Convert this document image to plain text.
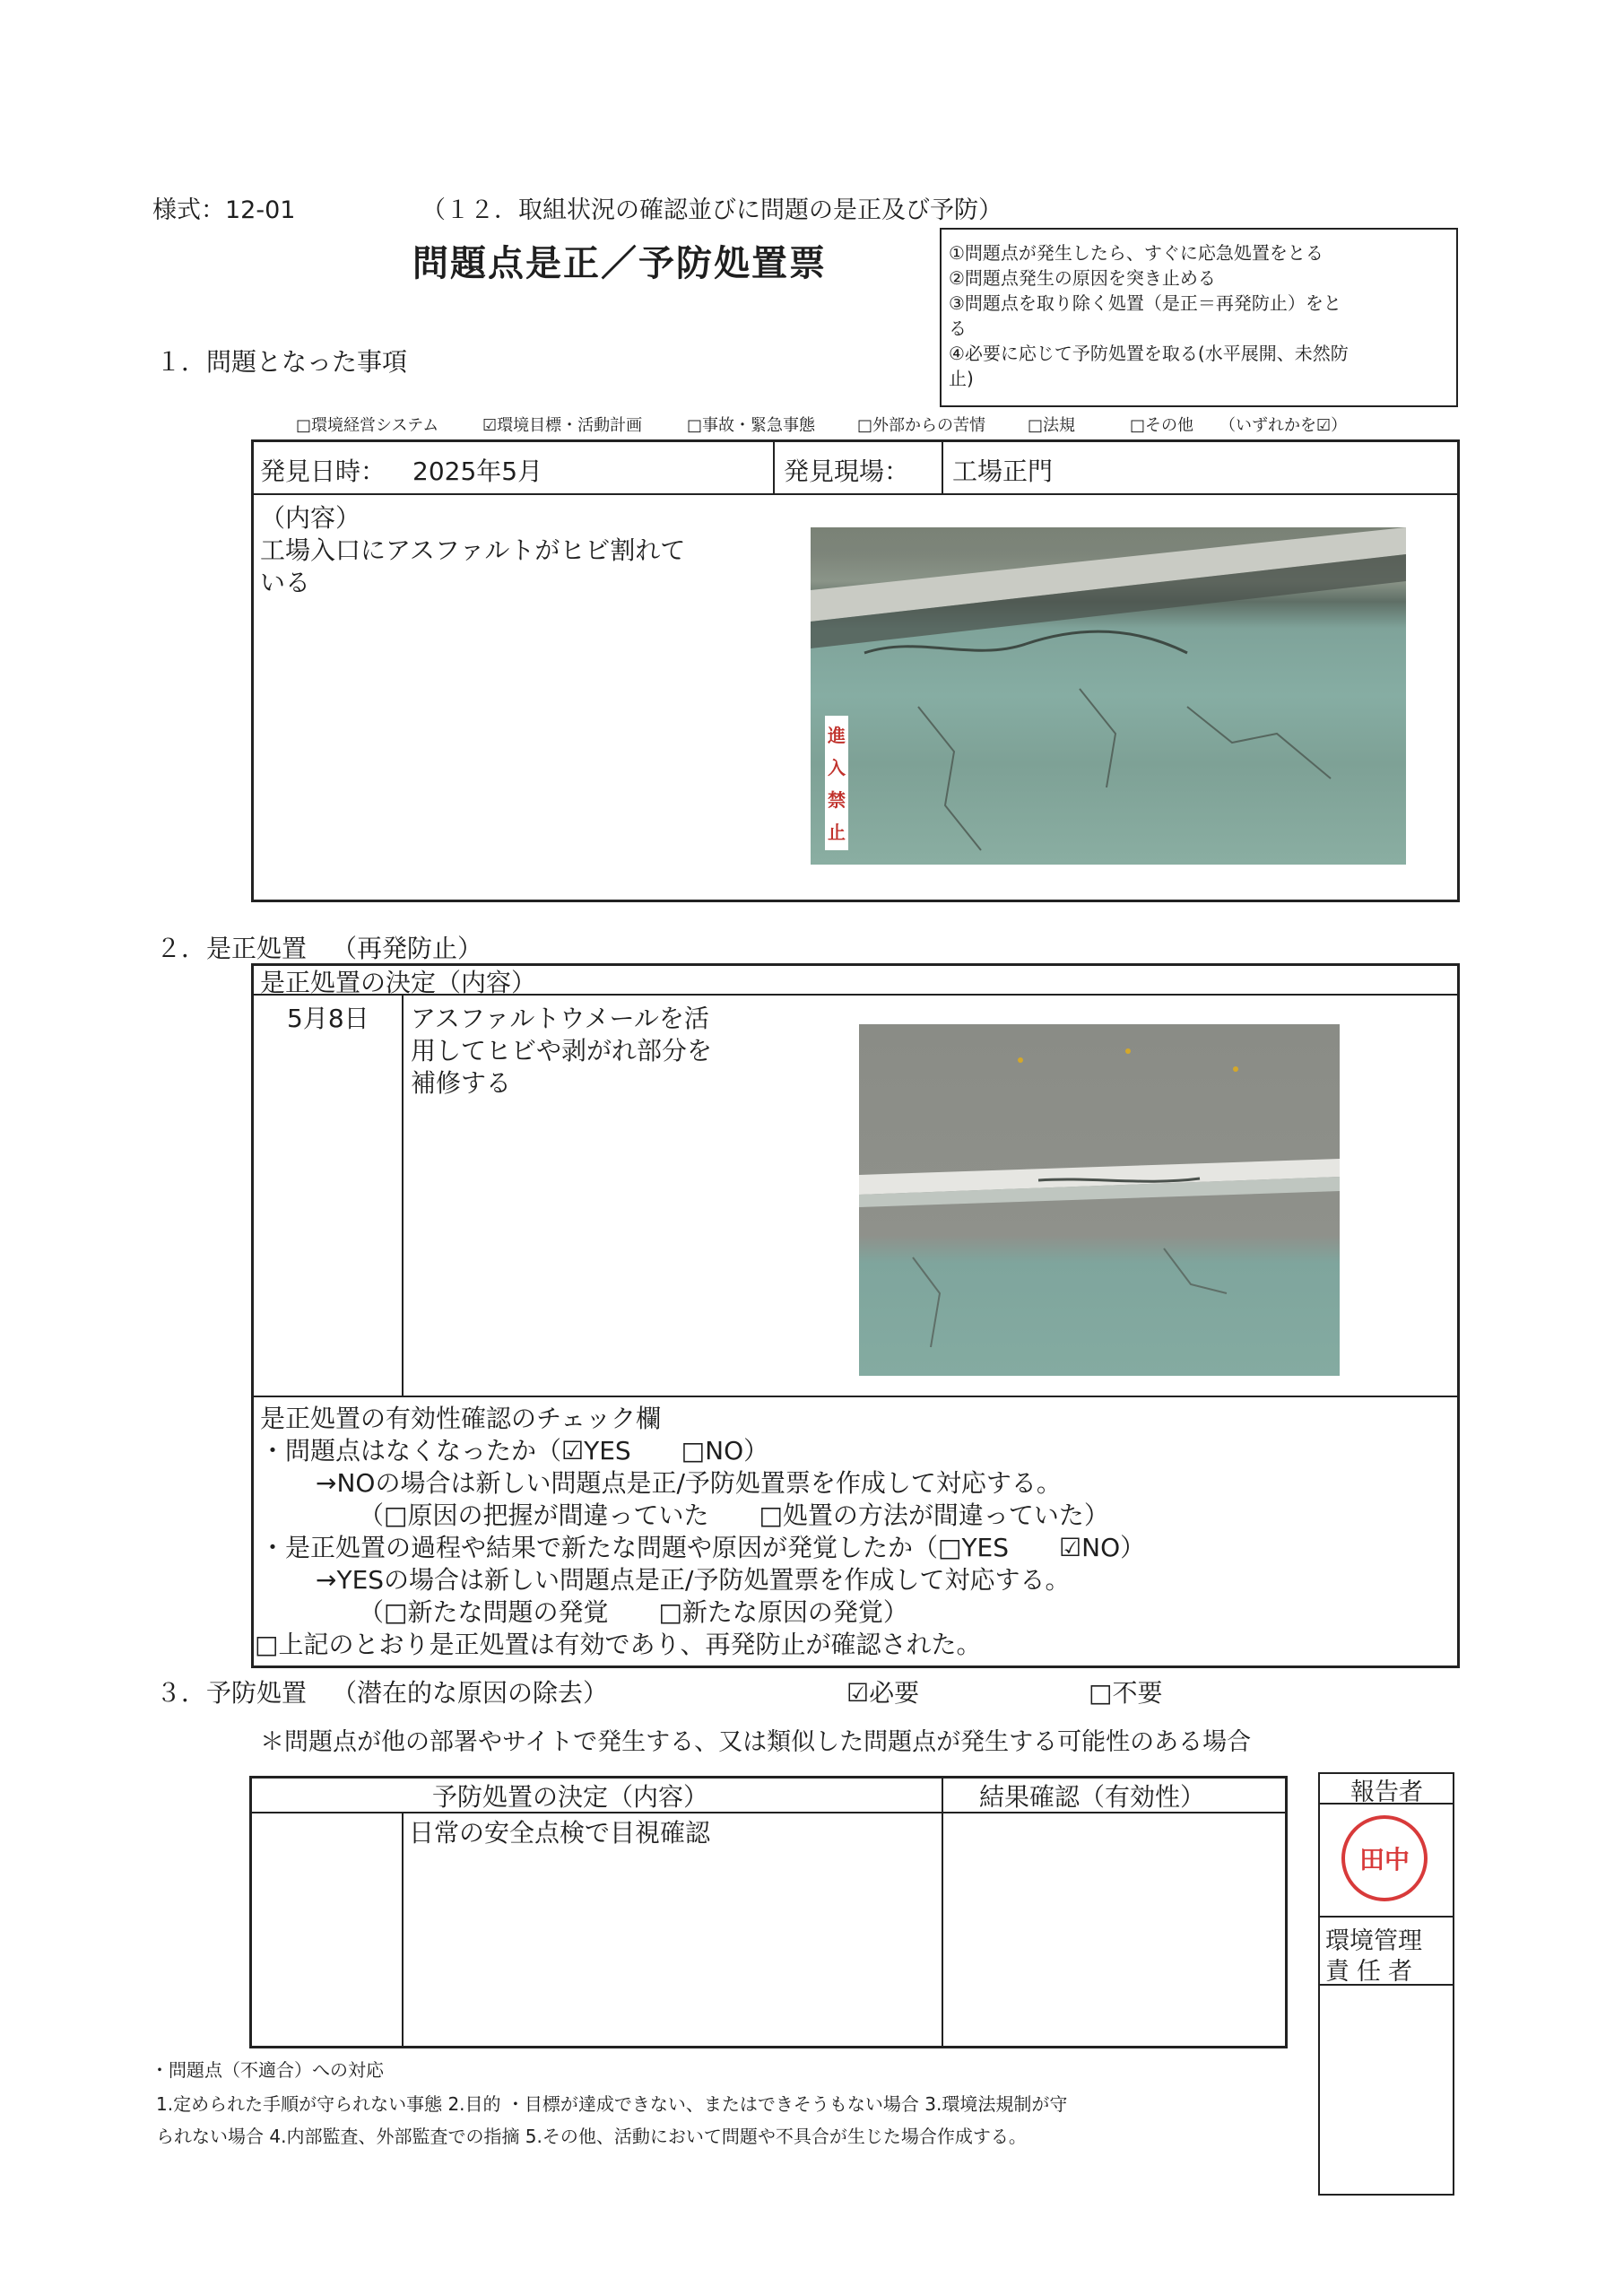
様式：12-01	（１２．取組状況の確認並びに問題の是正及び予防）
問題点是正／予防処置票	①問題点が発生したら、すぐに応急処置をとる
②問題点発生の原因を突き止める
③問題点を取り除く処置（是正＝再発防止）をと
る
④必要に応じて予防処置を取る(水平展開、未然防
止)
１．問題となった事項
□環境経営システム	☑環境目標・活動計画	□事故・緊急事態	□外部からの苦情	□法規	□その他 （いずれかを☑）
発見日時： 2025年5月	発見現場： 工場正門
（内容）
工場入口にアスファルトがヒビ割れて
いる
進入禁止
２．是正処置 （再発防止）
是正処置の決定（内容）
5月8日 アスファルトウメールを活
用してヒビや剥がれ部分を
補修する
是正処置の有効性確認のチェック欄
・問題点はなくなったか（☑YES　　□NO）
→NOの場合は新しい問題点是正/予防処置票を作成して対応する。
（□原因の把握が間違っていた　　□処置の方法が間違っていた）
・是正処置の過程や結果で新たな問題や原因が発覚したか（□YES　　☑NO）
→YESの場合は新しい問題点是正/予防処置票を作成して対応する。
（□新たな問題の発覚　　□新たな原因の発覚）
□上記のとおり是正処置は有効であり、再発防止が確認された。
３．予防処置 （潜在的な原因の除去）	☑必要	□不要
＊問題点が他の部署やサイトで発生する、又は類似した問題点が発生する可能性のある場合
予防処置の決定（内容）	結果確認（有効性）
日常の安全点検で目視確認
報告者
田中
環境管理
責任者
・問題点（不適合）への対応
1.定められた手順が守られない事態 2.目的 ・目標が達成できない、またはできそうもない場合 3.環境法規制が守
られない場合 4.内部監査、外部監査での指摘 5.その他、活動において問題や不具合が生じた場合作成する。
